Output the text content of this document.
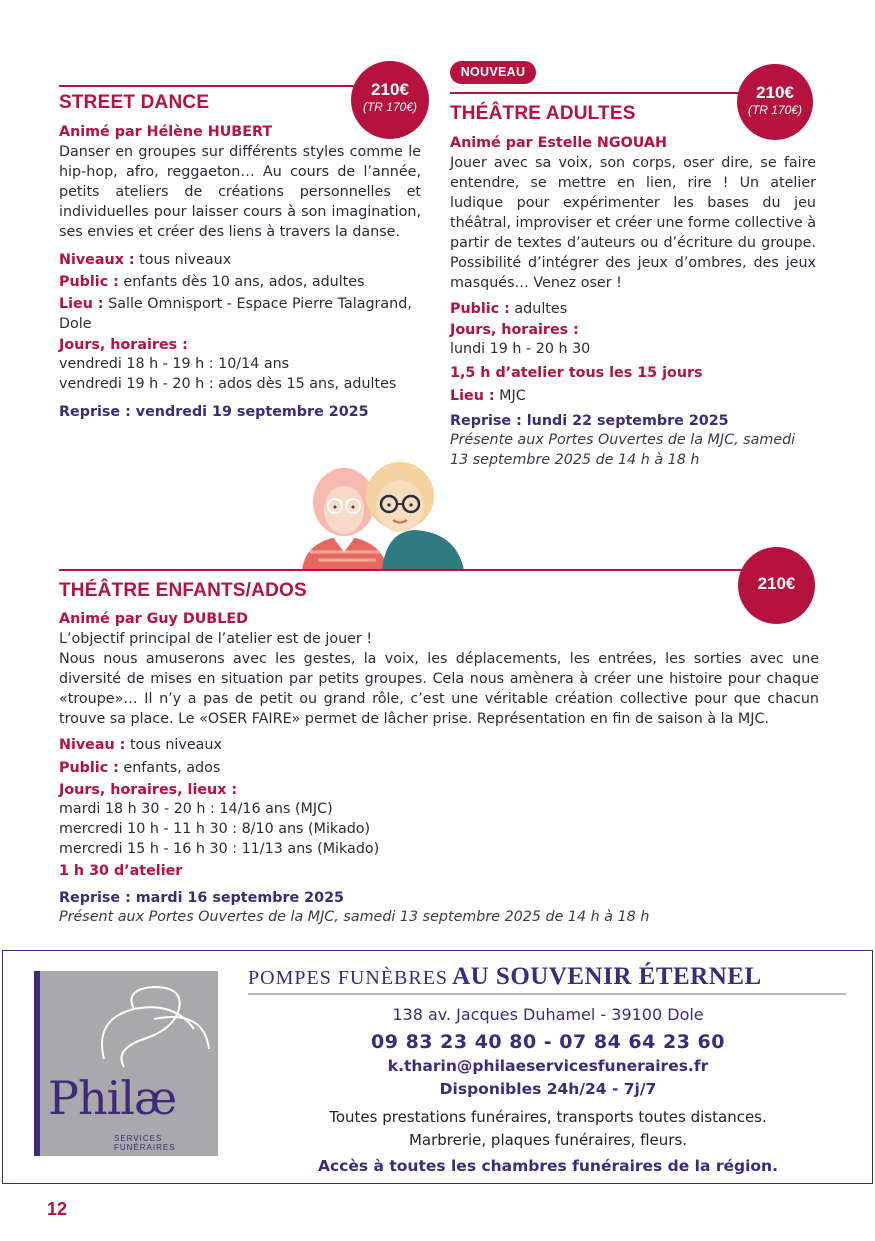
STREET DANCE
210€
(TR 170€)
Animé par Hélène HUBERT

Danser en groupes sur différents styles comme le hip-hop, afro, reggaeton… Au cours de l’année, petits ateliers de créations personnelles et individuelles pour laisser cours à son imagination, ses envies et créer des liens à travers la danse.

Niveaux : tous niveaux
Public : enfants dès 10 ans, ados, adultes
Lieu : Salle Omnisport - Espace Pierre Talagrand, Dole
Jours, horaires :
vendredi 18 h - 19 h : 10/14 ans
vendredi 19 h - 20 h : ados dès 15 ans, adultes
Reprise : vendredi 19 septembre 2025
NOUVEAU
THÉÂTRE ADULTES
210€
(TR 170€)
Animé par Estelle NGOUAH

Jouer avec sa voix, son corps, oser dire, se faire entendre, se mettre en lien, rire ! Un atelier ludique pour expérimenter les bases du jeu théâtral, improviser et créer une forme collective à partir de textes d’auteurs ou d’écriture du groupe. Possibilité d’intégrer des jeux d’ombres, des jeux masqués… Venez oser !

Public : adultes
Jours, horaires :
lundi 19 h - 20 h 30
1,5 h d’atelier tous les 15 jours
Lieu : MJC
Reprise : lundi 22 septembre 2025
Présente aux Portes Ouvertes de la MJC, samedi 13 septembre 2025 de 14 h à 18 h
THÉÂTRE ENFANTS/ADOS	210€
Animé par Guy DUBLED

L’objectif principal de l’atelier est de jouer !

Nous nous amuserons avec les gestes, la voix, les déplacements, les entrées, les sorties avec une diversité de mises en situation par petits groupes. Cela nous amènera à créer une histoire pour chaque «troupe»… Il n’y a pas de petit ou grand rôle, c’est une véritable création collective pour que chacun trouve sa place. Le «OSER FAIRE» permet de lâcher prise. Représentation en fin de saison à la MJC.

Niveau : tous niveaux
Public : enfants, ados
Jours, horaires, lieux :
mardi 18 h 30 - 20 h : 14/16 ans (MJC)
mercredi 10 h - 11 h 30 : 8/10 ans (Mikado)
mercredi 15 h - 16 h 30 : 11/13 ans (Mikado)
1 h 30 d’atelier
Reprise : mardi 16 septembre 2025
Présent aux Portes Ouvertes de la MJC, samedi 13 septembre 2025 de 14 h à 18 h
Philæ
SERVICES FUNÉRAIRES
POMPES FUNÈBRES AU SOUVENIR ÉTERNEL
138 av. Jacques Duhamel - 39100 Dole
09 83 23 40 80 - 07 84 64 23 60
k.tharin@philaeservicesfuneraires.fr
Disponibles 24h/24 - 7j/7
Toutes prestations funéraires, transports toutes distances.
Marbrerie, plaques funéraires, fleurs.
Accès à toutes les chambres funéraires de la région.
12
